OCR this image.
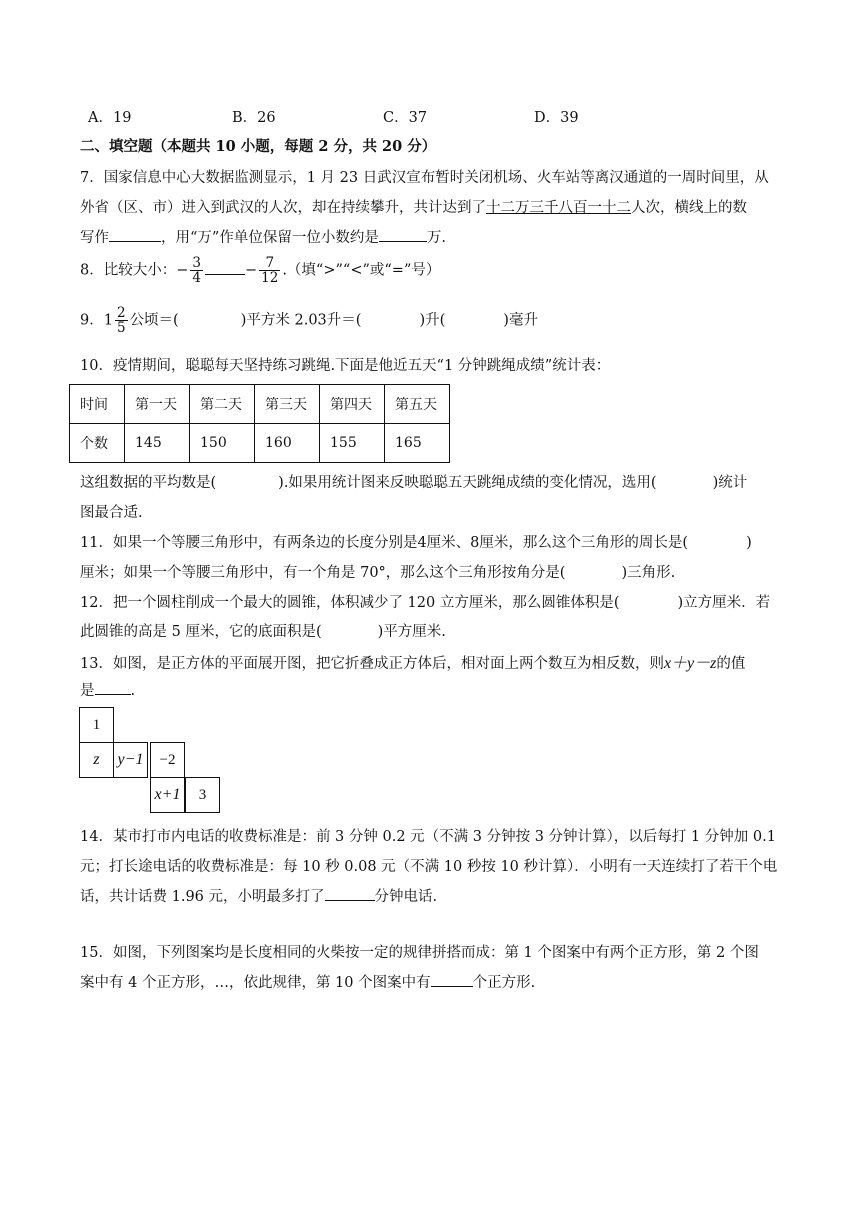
A．19	B．26	C．37	D．39
二、填空题（本题共 10 小题，每题 2 分，共 20 分）
7．国家信息中心大数据监测显示，1 月 23 日武汉宣布暂时关闭机场、火车站等离汉通道的一周时间里，从
外省（区、市）进入到武汉的人次，却在持续攀升，共计达到了十二万三千八百一十二人次，横线上的数
写作	，用“万”作单位保留一位小数约是	万.
8．比较大小：− $\frac{3}{4}$	− $\frac{7}{12}$ .（填“>”“<”或“=”号）
9．$1 \frac{2}{5}$ 公顷＝(	)平方米 2.03升＝(	)升(	)毫升
10．疫情期间，聪聪每天坚持练习跳绳.下面是他近五天“1 分钟跳绳成绩”统计表：
时间	第一天	第二天	第三天	第四天	第五天
个数	145	150	160	155	165
这组数据的平均数是(	).如果用统计图来反映聪聪五天跳绳成绩的变化情况，选用(	)统计
图最合适.
11．如果一个等腰三角形中，有两条边的长度分别是4厘米、8厘米，那么这个三角形的周长是(	)
厘米；如果一个等腰三角形中，有一个角是 70°，那么这个三角形按角分是(	)三角形.
12．把一个圆柱削成一个最大的圆锥，体积减少了 120 立方厘米，那么圆锥体积是(	)立方厘米．若
此圆锥的高是 5 厘米，它的底面积是(	)平方厘米.
13．如图，是正方体的平面展开图，把它折叠成正方体后，相对面上两个数互为相反数，则x＋y－z的值
是 .
1
z	y−1	−2
x+1	3
14．某市打市内电话的收费标准是：前 3 分钟 0.2 元（不满 3 分钟按 3 分钟计算），以后每打 1 分钟加 0.1
元；打长途电话的收费标准是：每 10 秒 0.08 元（不满 10 秒按 10 秒计算）．小明有一天连续打了若干个电
话，共计话费 1.96 元，小明最多打了	分钟电话.
15．如图，下列图案均是长度相同的火柴按一定的规律拼搭而成：第 1 个图案中有两个正方形，第 2 个图
案中有 4 个正方形，…，依此规律，第 10 个图案中有	个正方形.
